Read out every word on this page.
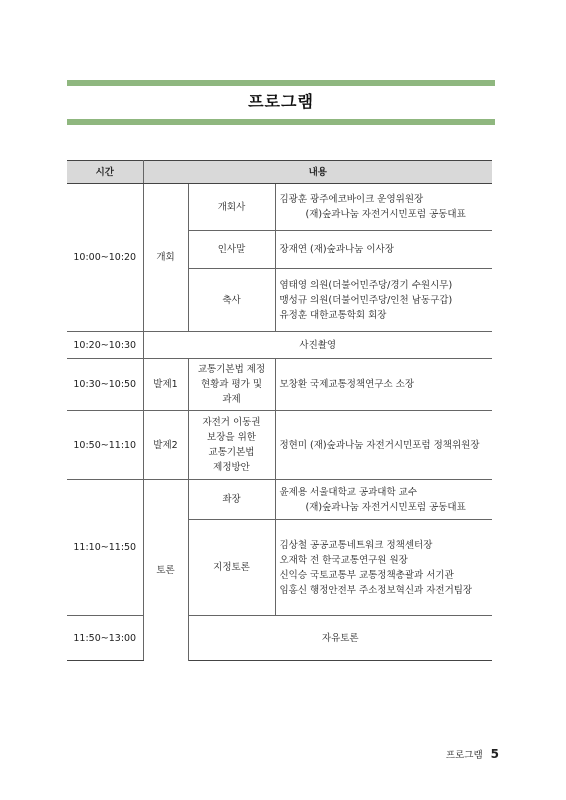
프로그램
시간	내용		
10:00~10:20	개회	개회사	김광훈 광주에코바이크 운영위원장
(재)숲과나눔 자전거시민포럼 공동대표

		인사말	장재연 (재)숲과나눔 이사장

		축사	염태영 의원(더불어민주당/경기 수원시무)
맹성규 의원(더불어민주당/인천 남동구갑)
유정훈 대한교통학회 회장

10:20~10:30	사진촬영		
10:30~10:50	발제1	교통기본법 제정
현황과 평가 및
과제	모창환 국제교통정책연구소 소장
10:50~11:10	발제2	자전거 이동권
보장을 위한
교통기본법
제정방안	정현미 (재)숲과나눔 자전거시민포럼 정책위원장
11:10~11:50	토론	좌장	윤제용 서울대학교 공과대학 교수
(재)숲과나눔 자전거시민포럼 공동대표

		지정토론	김상철 공공교통네트워크 정책센터장
오재학 전 한국교통연구원 원장
신익승 국토교통부 교통정책총괄과 서기관
임홍신 행정안전부 주소정보혁신과 자전거팀장

11:50~13:00		자유토론	
프로그램 5
